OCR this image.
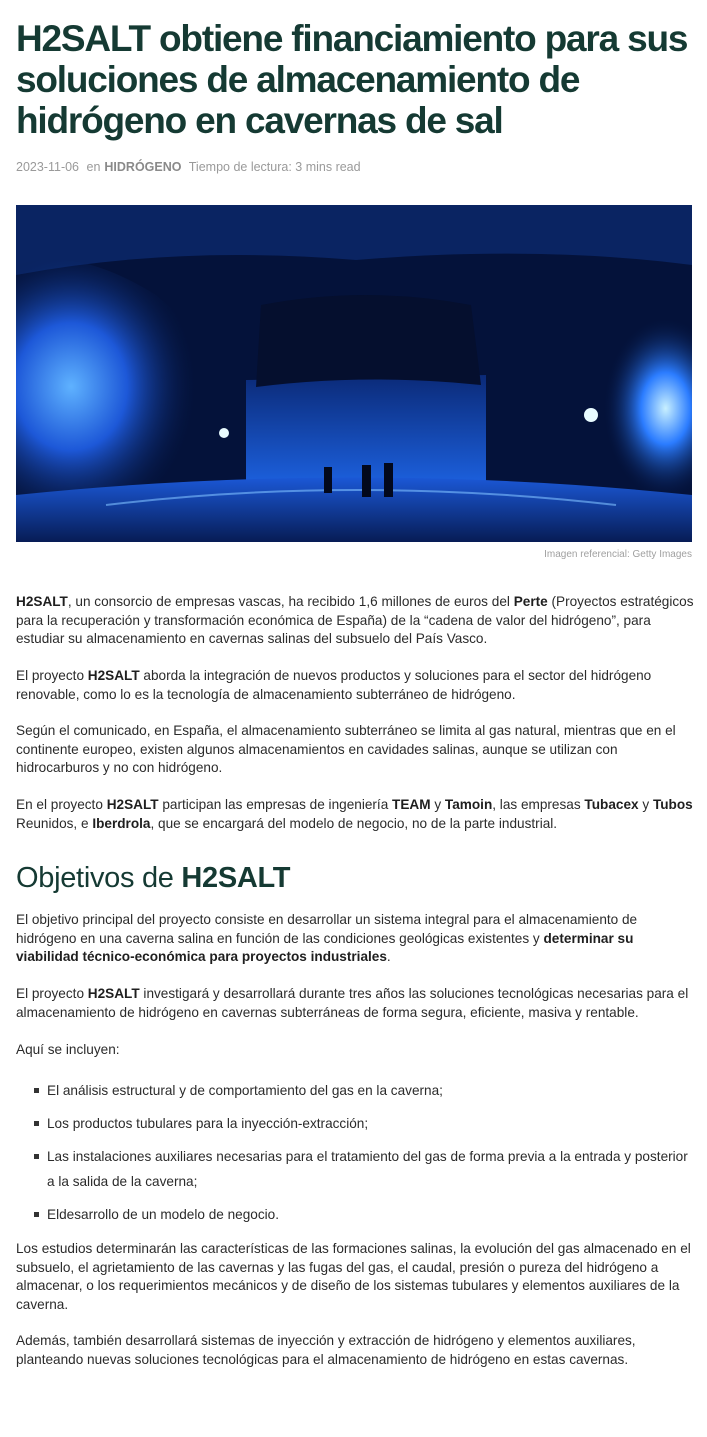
H2SALT obtiene financiamiento para sus soluciones de almacenamiento de hidrógeno en cavernas de sal
2023-11-06 en HIDRÓGENO Tiempo de lectura: 3 mins read
Imagen referencial: Getty Images

H2SALT, un consorcio de empresas vascas, ha recibido 1,6 millones de euros del Perte (Proyectos estratégicos para la recuperación y transformación económica de España) de la “cadena de valor del hidrógeno”, para estudiar su almacenamiento en cavernas salinas del subsuelo del País Vasco.

El proyecto H2SALT aborda la integración de nuevos productos y soluciones para el sector del hidrógeno renovable, como lo es la tecnología de almacenamiento subterráneo de hidrógeno.

Según el comunicado, en España, el almacenamiento subterráneo se limita al gas natural, mientras que en el continente europeo, existen algunos almacenamientos en cavidades salinas, aunque se utilizan con hidrocarburos y no con hidrógeno.

En el proyecto H2SALT participan las empresas de ingeniería TEAM y Tamoin, las empresas Tubacex y Tubos Reunidos, e Iberdrola, que se encargará del modelo de negocio, no de la parte industrial.

Objetivos de H2SALT

El objetivo principal del proyecto consiste en desarrollar un sistema integral para el almacenamiento de hidrógeno en una caverna salina en función de las condiciones geológicas existentes y determinar su viabilidad técnico-económica para proyectos industriales.

El proyecto H2SALT investigará y desarrollará durante tres años las soluciones tecnológicas necesarias para el almacenamiento de hidrógeno en cavernas subterráneas de forma segura, eficiente, masiva y rentable.

Aquí se incluyen:

El análisis estructural y de comportamiento del gas en la caverna;
Los productos tubulares para la inyección-extracción;
Las instalaciones auxiliares necesarias para el tratamiento del gas de forma previa a la entrada y posterior a la salida de la caverna;
Eldesarrollo de un modelo de negocio.

Los estudios determinarán las características de las formaciones salinas, la evolución del gas almacenado en el subsuelo, el agrietamiento de las cavernas y las fugas del gas, el caudal, presión o pureza del hidrógeno a almacenar, o los requerimientos mecánicos y de diseño de los sistemas tubulares y elementos auxiliares de la caverna.

Además, también desarrollará sistemas de inyección y extracción de hidrógeno y elementos auxiliares, planteando nuevas soluciones tecnológicas para el almacenamiento de hidrógeno en estas cavernas.
